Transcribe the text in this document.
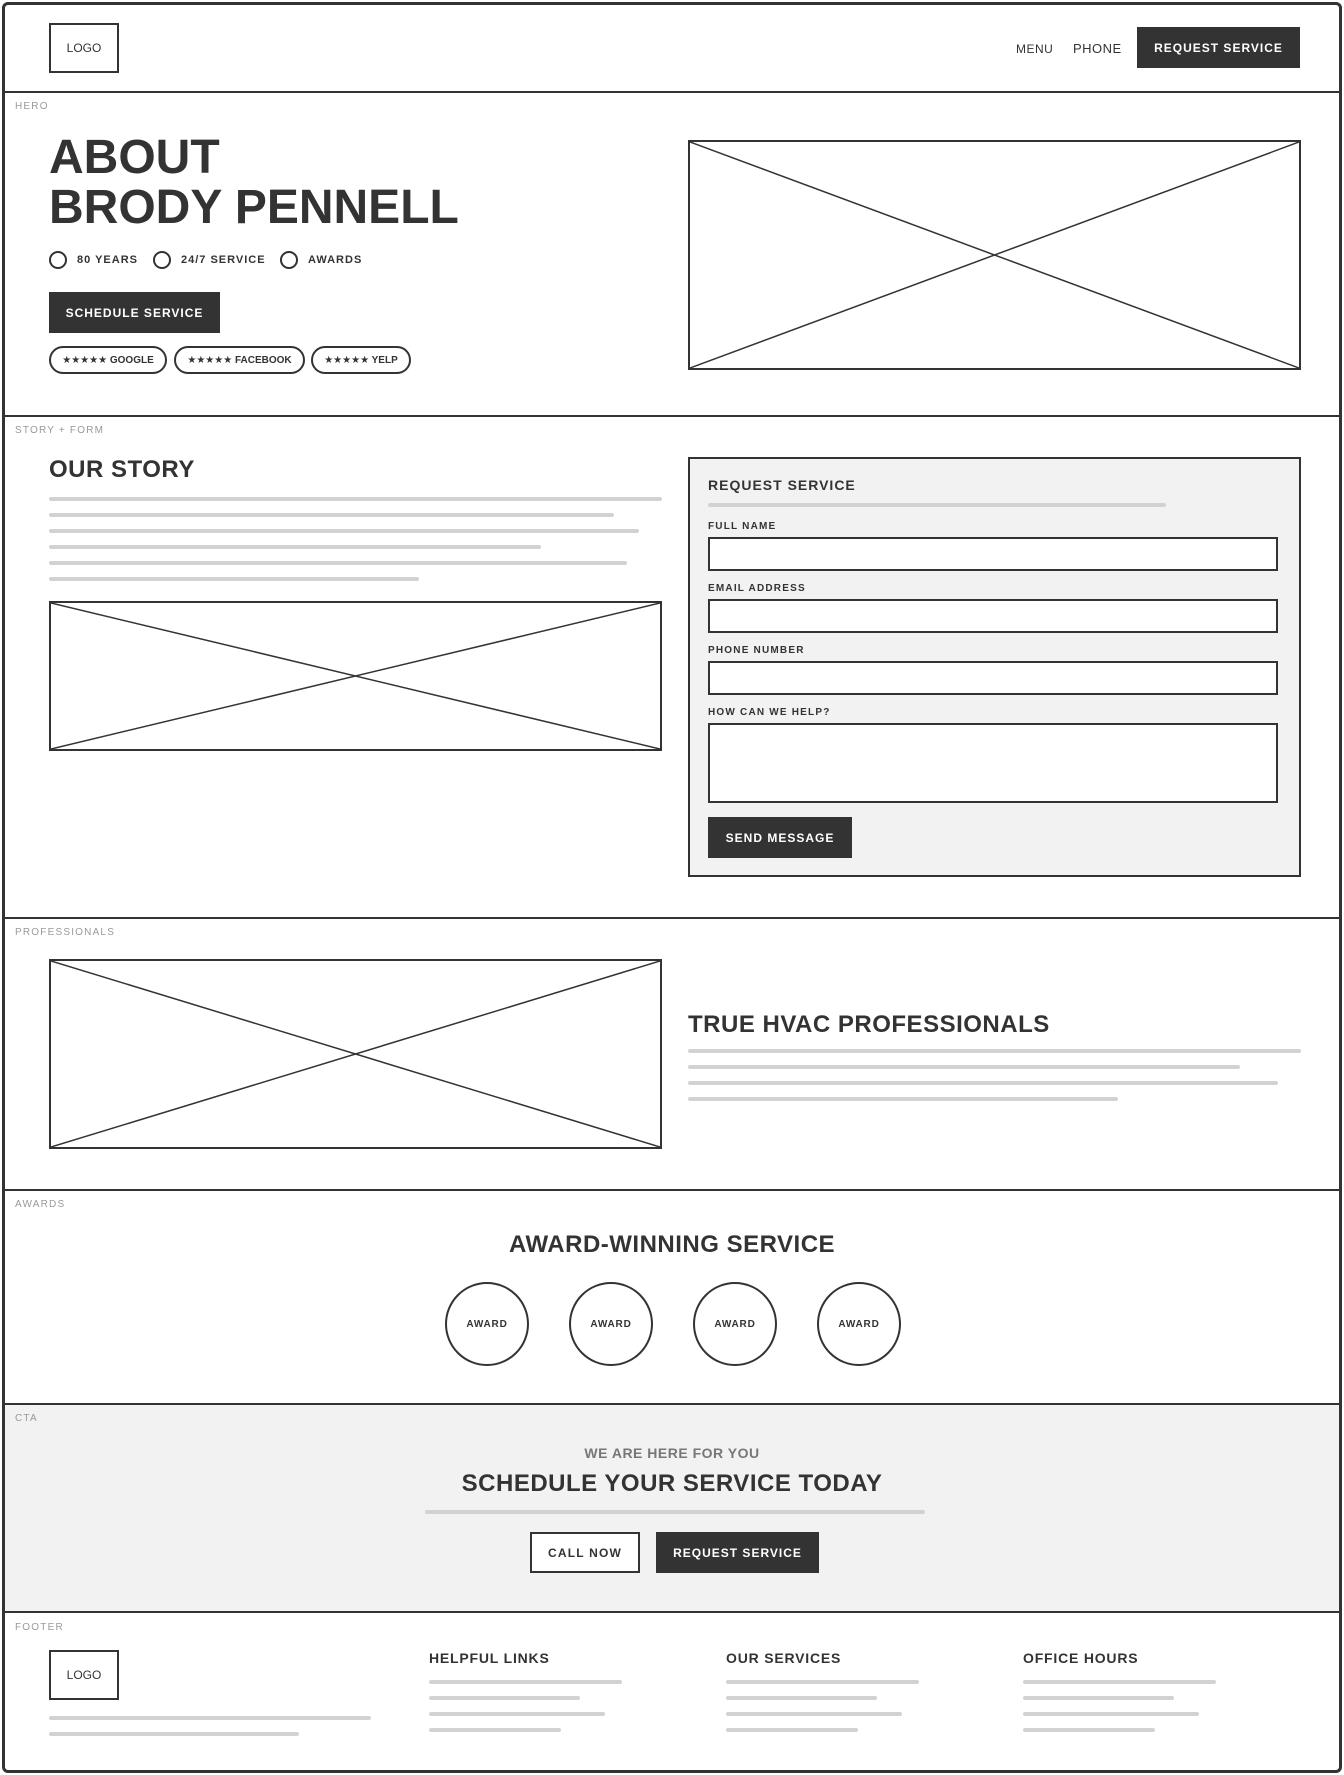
LOGO	MENU PHONE	REQUEST SERVICE
HERO
ABOUT
BRODY PENNELL
80 YEARS	24/7 SERVICE	AWARDS
SCHEDULE SERVICE
★★★★★ GOOGLE	★★★★★ FACEBOOK	★★★★★ YELP
STORY + FORM
OUR STORY
REQUEST SERVICE
FULL NAME
EMAIL ADDRESS
PHONE NUMBER
HOW CAN WE HELP?
SEND MESSAGE
PROFESSIONALS
TRUE HVAC PROFESSIONALS
AWARDS
AWARD-WINNING SERVICE
AWARD	AWARD	AWARD	AWARD
CTA
WE ARE HERE FOR YOU
SCHEDULE YOUR SERVICE TODAY
CALL NOW	REQUEST SERVICE
FOOTER
LOGO
HELPFUL LINKS	OUR SERVICES	OFFICE HOURS
